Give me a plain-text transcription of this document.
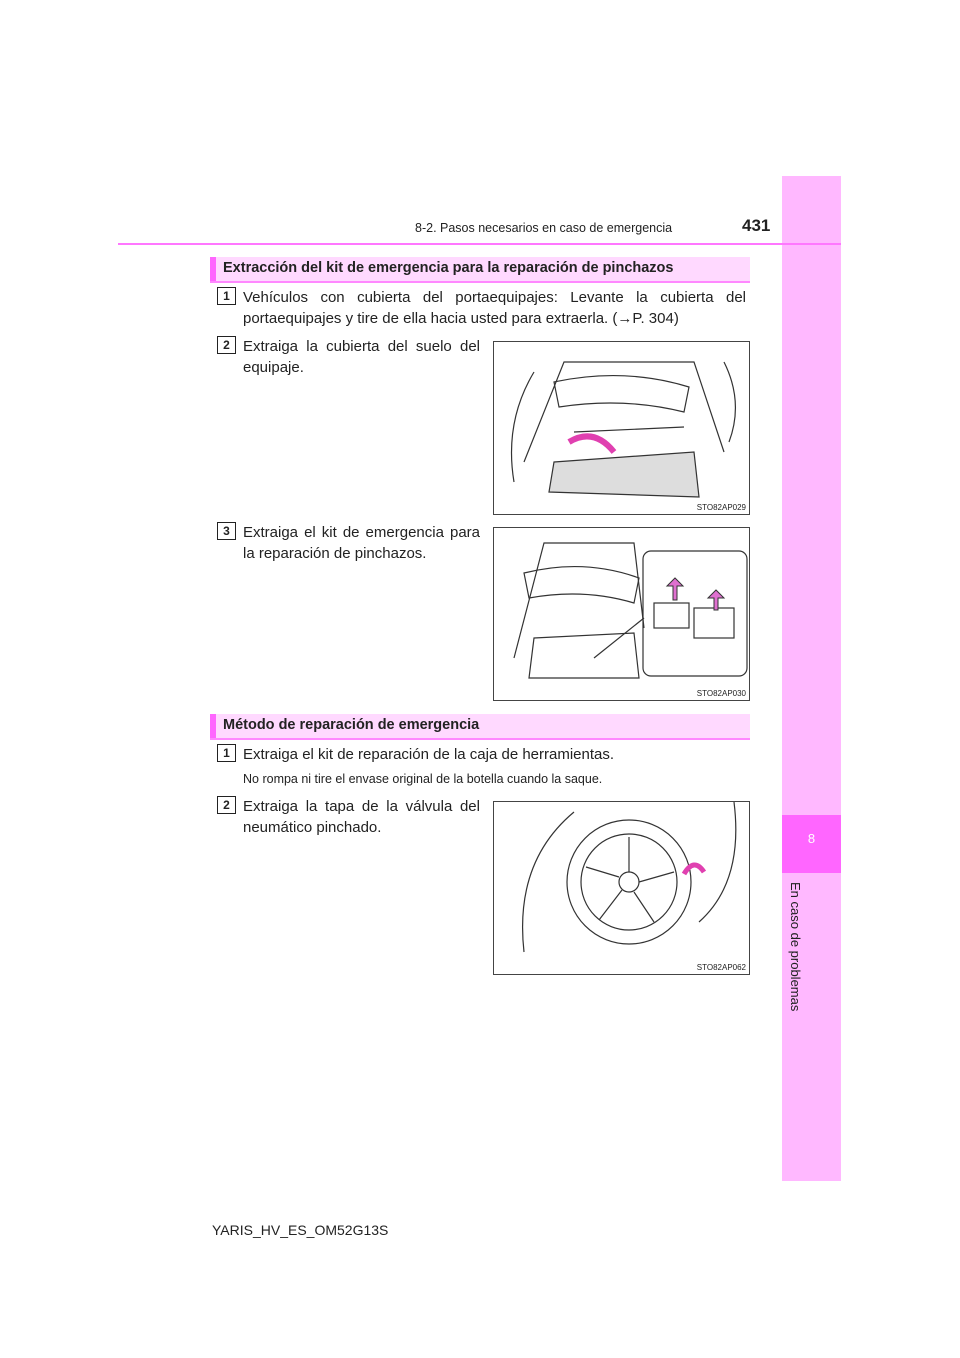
8
En caso de problemas
8-2. Pasos necesarios en caso de emergencia	431
Extracción del kit de emergencia para la reparación de pinchazos
1 Vehículos con cubierta del portaequipajes: Levante la cubierta del portaequipajes y tire de ella hacia usted para extraerla. (→P. 304)
2 Extraiga la cubierta del suelo del equipaje.
STO82AP029
3 Extraiga el kit de emergencia para la reparación de pinchazos.
STO82AP030
Método de reparación de emergencia
1 Extraiga el kit de reparación de la caja de herramientas.
No rompa ni tire el envase original de la botella cuando la saque.
2 Extraiga la tapa de la válvula del neumático pinchado.
STO82AP062
YARIS_HV_ES_OM52G13S
